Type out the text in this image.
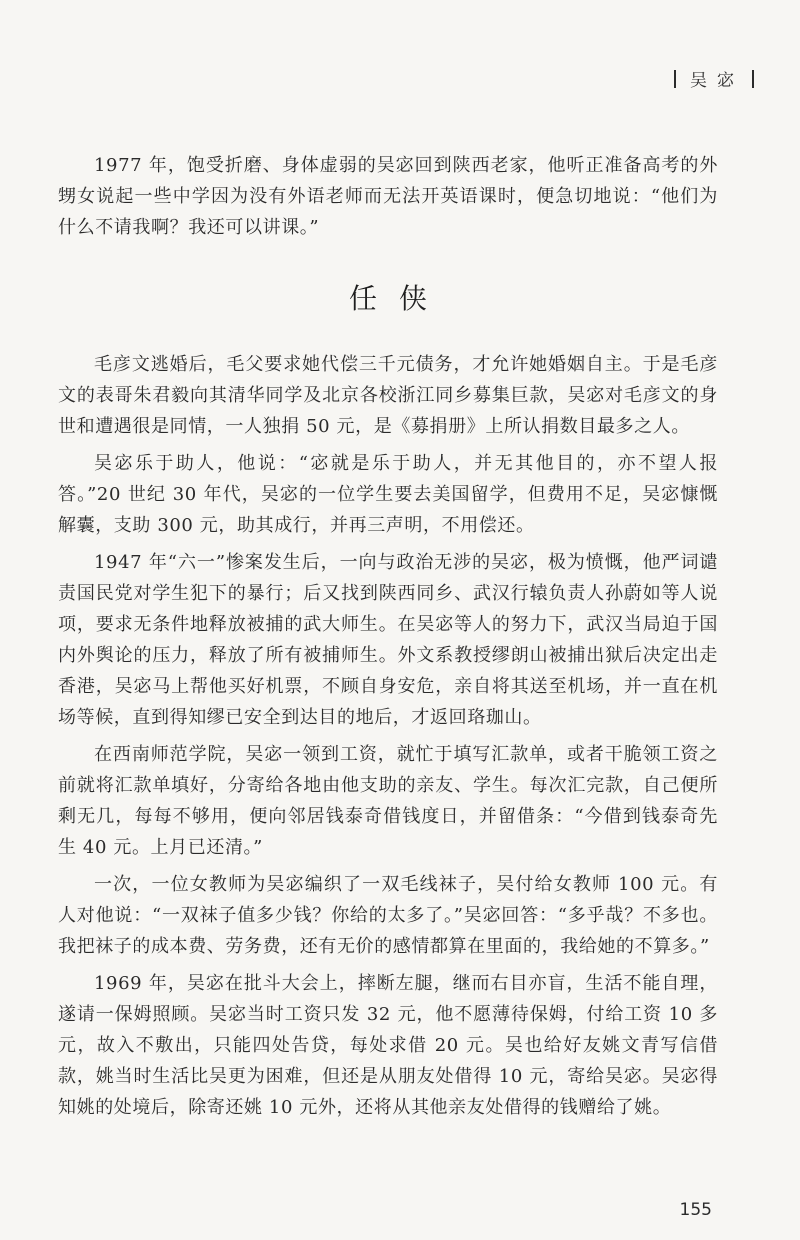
吴宓

1977 年，饱受折磨、身体虚弱的吴宓回到陕西老家，他听正准备高考的外甥女说起一些中学因为没有外语老师而无法开英语课时，便急切地说：“他们为什么不请我啊？我还可以讲课。”

任侠

毛彦文逃婚后，毛父要求她代偿三千元债务，才允许她婚姻自主。于是毛彦文的表哥朱君毅向其清华同学及北京各校浙江同乡募集巨款，吴宓对毛彦文的身世和遭遇很是同情，一人独捐 50 元，是《募捐册》上所认捐数目最多之人。

吴宓乐于助人，他说：“宓就是乐于助人，并无其他目的，亦不望人报答。”20 世纪 30 年代，吴宓的一位学生要去美国留学，但费用不足，吴宓慷慨解囊，支助 300 元，助其成行，并再三声明，不用偿还。

1947 年“六一”惨案发生后，一向与政治无涉的吴宓，极为愤慨，他严词谴责国民党对学生犯下的暴行；后又找到陕西同乡、武汉行辕负责人孙蔚如等人说项，要求无条件地释放被捕的武大师生。在吴宓等人的努力下，武汉当局迫于国内外舆论的压力，释放了所有被捕师生。外文系教授缪朗山被捕出狱后决定出走香港，吴宓马上帮他买好机票，不顾自身安危，亲自将其送至机场，并一直在机场等候，直到得知缪已安全到达目的地后，才返回珞珈山。

在西南师范学院，吴宓一领到工资，就忙于填写汇款单，或者干脆领工资之前就将汇款单填好，分寄给各地由他支助的亲友、学生。每次汇完款，自己便所剩无几，每每不够用，便向邻居钱泰奇借钱度日，并留借条：“今借到钱泰奇先生 40 元。上月已还清。”

一次，一位女教师为吴宓编织了一双毛线袜子，吴付给女教师 100 元。有人对他说：“一双袜子值多少钱？你给的太多了。”吴宓回答：“多乎哉？不多也。我把袜子的成本费、劳务费，还有无价的感情都算在里面的，我给她的不算多。”

1969 年，吴宓在批斗大会上，摔断左腿，继而右目亦盲，生活不能自理，遂请一保姆照顾。吴宓当时工资只发 32 元，他不愿薄待保姆，付给工资 10 多元，故入不敷出，只能四处告贷，每处求借 20 元。吴也给好友姚文青写信借款，姚当时生活比吴更为困难，但还是从朋友处借得 10 元，寄给吴宓。吴宓得知姚的处境后，除寄还姚 10 元外，还将从其他亲友处借得的钱赠给了姚。

155
